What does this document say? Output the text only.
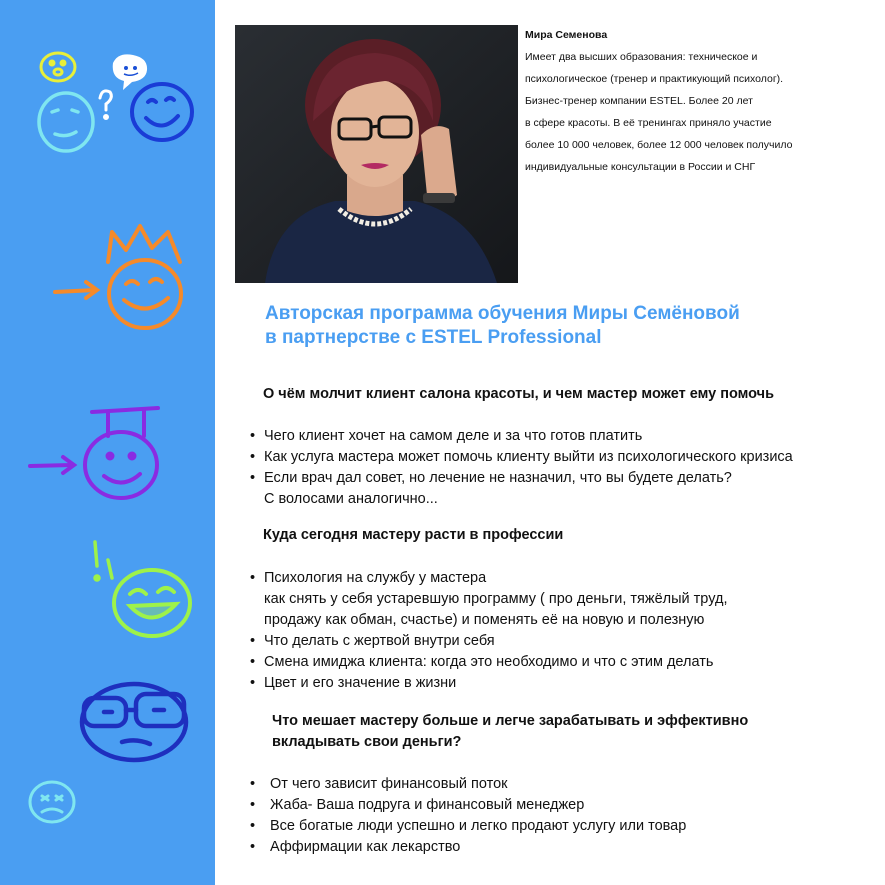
Мира Семенова
Имеет два высших образования: техническое и
психологическое (тренер и практикующий психолог).
Бизнес-тренер компании ESTEL. Более 20 лет
в сфере красоты. В её тренингах приняло участие
более 10 000 человек, более 12 000 человек получило
индивидуальные консультации в России и СНГ
Авторская программа обучения Миры Семёновой
в партнерстве с ESTEL Professional
О чём молчит клиент салона красоты, и чем мастер может ему помочь
• Чего клиент хочет на самом деле и за что готов платить
• Как услуга мастера может помочь клиенту выйти из психологического кризиса
• Если врач дал совет, но лечение не назначил, что вы будете делать?
С волосами аналогично...
Куда сегодня мастеру расти в профессии
• Психология на службу у мастера
как снять у себя устаревшую программу ( про деньги, тяжёлый труд,
продажу как обман, счастье) и поменять её на новую и полезную
• Что делать с жертвой внутри себя
• Смена имиджа клиента: когда это необходимо и что с этим делать
• Цвет и его значение в жизни
Что мешает мастеру больше и легче зарабатывать и эффективно
вкладывать свои деньги?
• От чего зависит финансовый поток
• Жаба- Ваша подруга и финансовый менеджер
• Все богатые люди успешно и легко продают услугу или товар
• Аффирмации как лекарство
